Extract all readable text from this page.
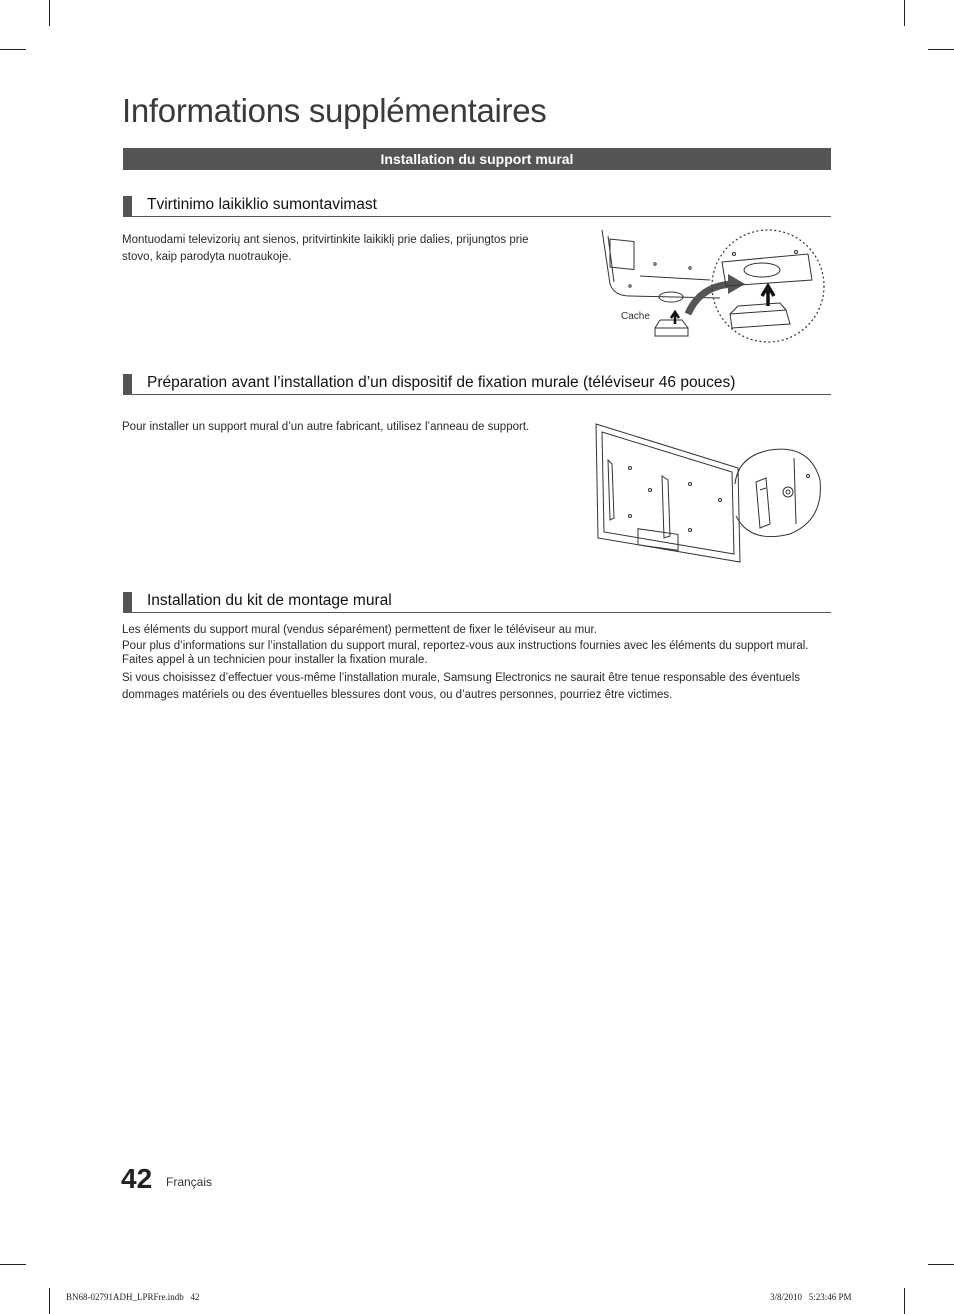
Informations supplémentaires
Installation du support mural
Tvirtinimo laikiklio sumontavimast
Montuodami televizorių ant sienos, pritvirtinkite laikiklį prie dalies, prijungtos prie stovo, kaip parodyta nuotraukoje.
Cache
Préparation avant l’installation d’un dispositif de fixation murale (téléviseur 46 pouces)
Pour installer un support mural d’un autre fabricant, utilisez l’anneau de support.
Installation du kit de montage mural
Les éléments du support mural (vendus séparément) permettent de fixer le téléviseur au mur.
Pour plus d’informations sur l’installation du support mural, reportez-vous aux instructions fournies avec les éléments du support mural. Faites appel à un technicien pour installer la fixation murale.
Si vous choisissez d’effectuer vous-même l’installation murale, Samsung Electronics ne saurait être tenue responsable des éventuels dommages matériels ou des éventuelles blessures dont vous, ou d’autres personnes, pourriez être victimes.
42 Français
BN68-02791ADH_LPRFre.indb   42	3/8/2010   5:23:46 PM
